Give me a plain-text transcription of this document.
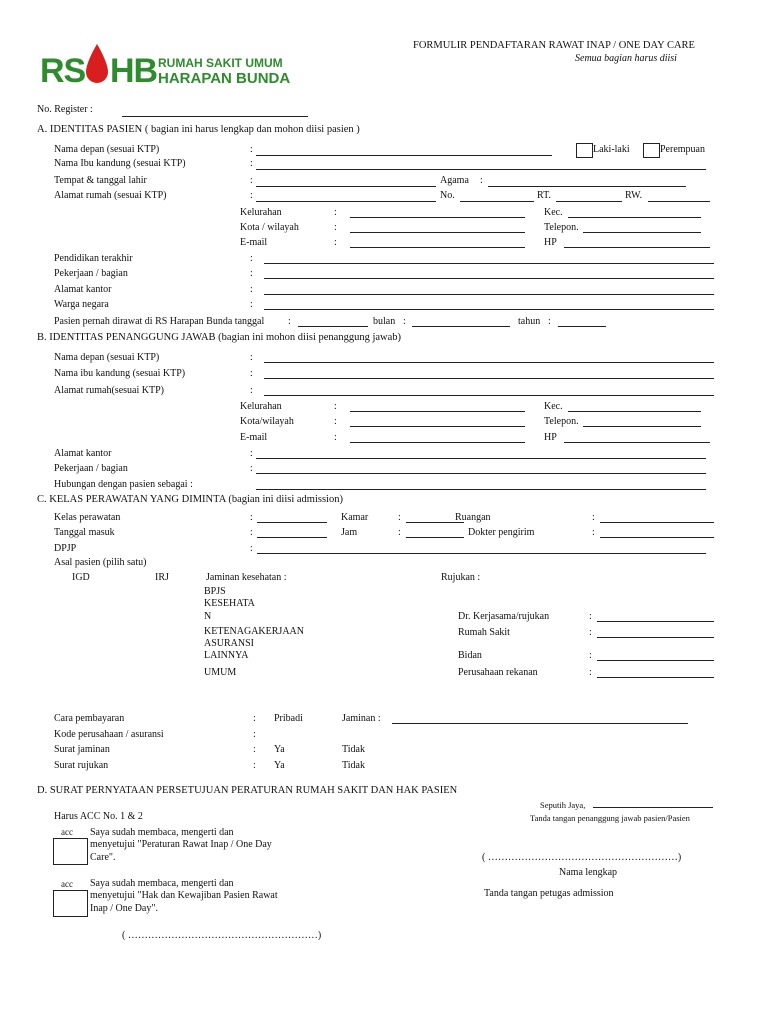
RS HB RUMAH SAKIT UMUM
HARAPAN BUNDA
FORMULIR PENDAFTARAN RAWAT INAP / ONE DAY CARE
Semua bagian harus diisi
No. Register :
A. IDENTITAS PASIEN ( bagian ini harus lengkap dan mohon diisi pasien )
Nama depan (sesuai KTP)	:	Laki-laki	Perempuan
Nama Ibu kandung (sesuai KTP)	:
Tempat & tanggal lahir	:	Agama :
Alamat rumah (sesuai KTP)	:	No.	RT.	RW.
Kelurahan	:	Kec.
Kota / wilayah	:	Telepon.
E-mail	:	HP
Pendidikan terakhir	:
Pekerjaan / bagian	:
Alamat kantor	:
Warga negara	:
Pasien pernah dirawat di RS Harapan Bunda tanggal :	bulan :	tahun :
B. IDENTITAS PENANGGUNG JAWAB (bagian ini mohon diisi penanggung jawab)
Nama depan (sesuai KTP)	:
Nama ibu kandung (sesuai KTP)	:
Alamat rumah(sesuai KTP)	:
Kelurahan	:	Kec.
Kota/wilayah	:	Telepon.
E-mail	:	HP
Alamat kantor	:
Pekerjaan / bagian	:
Hubungan dengan pasien sebagai :
C. KELAS PERAWATAN YANG DIMINTA (bagian ini diisi admission)
Kelas perawatan	:	Kamar	:	Ruangan	:
Tanggal masuk	:	Jam	:	Dokter pengirim	:
DPJP	:
Asal pasien (pilih satu)
IGD	IRJ	Jaminan kesehatan :	Rujukan :
BPJS
KESEHATA
N
KETENAGAKERJAAN
ASURANSI
LAINNYA
UMUM
Dr. Kerjasama/rujukan	:
Rumah Sakit	:
Bidan	:
Perusahaan rekanan	:
Cara pembayaran	: Pribadi	Jaminan :
Kode perusahaan / asuransi	:
Surat jaminan	: Ya	Tidak
Surat rujukan	: Ya	Tidak
D. SURAT PERNYATAAN PERSETUJUAN PERATURAN RUMAH SAKIT DAN HAK PASIEN
Seputih Jaya,
Tanda tangan penanggung jawab pasien/Pasien
Harus ACC No. 1 & 2
acc Saya sudah membaca, mengerti dan
menyetujui "Peraturan Rawat Inap / One Day
Care".	( …………………………………………………)
Nama lengkap
acc Saya sudah membaca, mengerti dan
menyetujui "Hak dan Kewajiban Pasien Rawat
Inap / One Day".
Tanda tangan petugas admission
( …………………………………………………)
